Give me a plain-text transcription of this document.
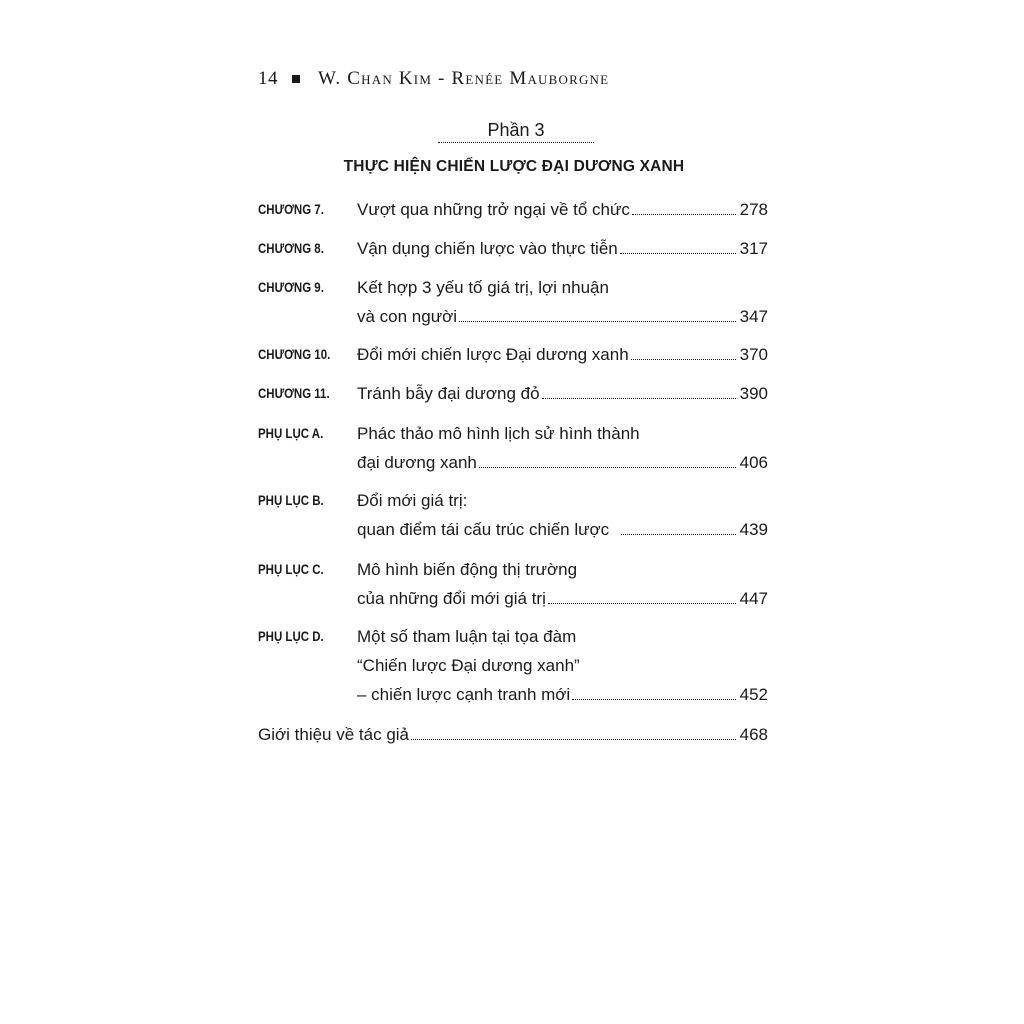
14 W. Chan Kim - Renée Mauborgne
Phần 3
THỰC HIỆN CHIẾN LƯỢC ĐẠI DƯƠNG XANH
CHƯƠNG 7. Vượt qua những trở ngại về tổ chức	278
CHƯƠNG 8. Vận dụng chiến lược vào thực tiễn	317
CHƯƠNG 9. Kết hợp 3 yếu tố giá trị, lợi nhuận
và con người	347
CHƯƠNG 10. Đổi mới chiến lược Đại dương xanh	370
CHƯƠNG 11. Tránh bẫy đại dương đỏ	390
PHỤ LỤC A. Phác thảo mô hình lịch sử hình thành
đại dương xanh	406
PHỤ LỤC B. Đổi mới giá trị:
quan điểm tái cấu trúc chiến lược	439
PHỤ LỤC C. Mô hình biến động thị trường
của những đổi mới giá trị	447
PHỤ LỤC D. Một số tham luận tại tọa đàm
“Chiến lược Đại dương xanh”
– chiến lược cạnh tranh mới	452
Giới thiệu về tác giả	468
